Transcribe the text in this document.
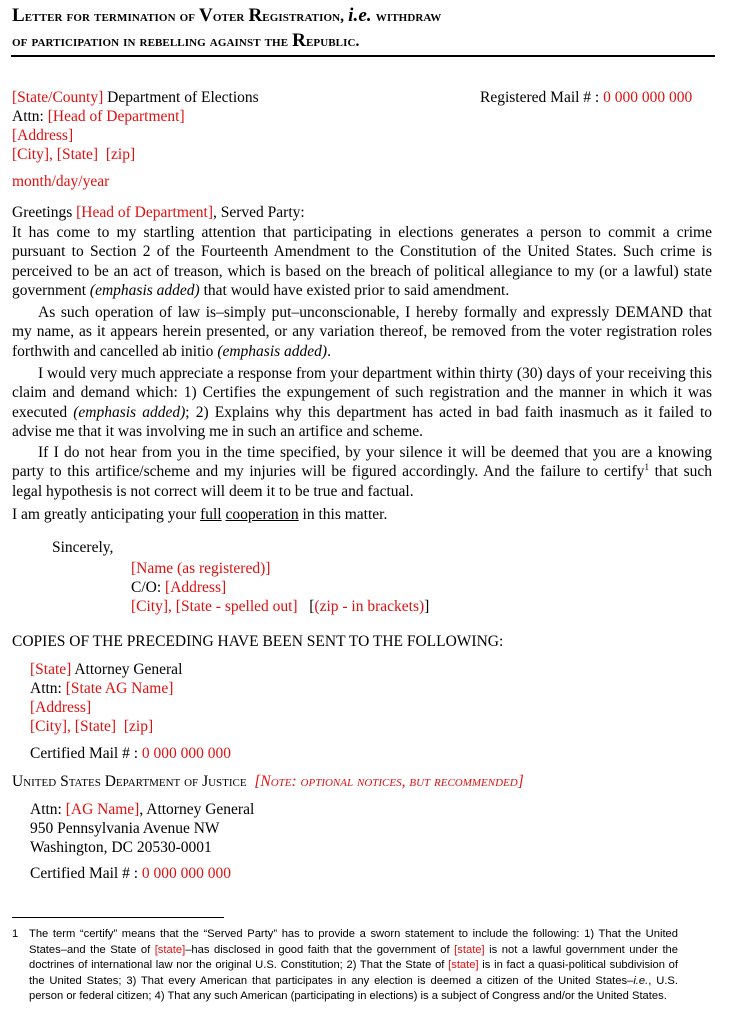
Letter for termination of Voter Registration, i.e. withdraw
of participation in rebelling against the Republic.
[State/County] Department of Elections
Attn: [Head of Department]
[Address]
[City], [State] [zip]
Registered Mail # : 0 000 000 000
month/day/year
Greetings [Head of Department], Served Party:
It has come to my startling attention that participating in elections generates a person to commit a crime pursuant to Section 2 of the Fourteenth Amendment to the Constitution of the United States. Such crime is perceived to be an act of treason, which is based on the breach of political allegiance to my (or a lawful) state government (emphasis added) that would have existed prior to said amendment.
As such operation of law is–simply put–unconscionable, I hereby formally and expressly DEMAND that my name, as it appears herein presented, or any variation thereof, be removed from the voter registration roles forthwith and cancelled ab initio (emphasis added).
I would very much appreciate a response from your department within thirty (30) days of your receiving this claim and demand which: 1) Certifies the expungement of such registration and the manner in which it was executed (emphasis added); 2) Explains why this department has acted in bad faith inasmuch as it failed to advise me that it was involving me in such an artifice and scheme.
If I do not hear from you in the time specified, by your silence it will be deemed that you are a knowing party to this artifice/scheme and my injuries will be figured accordingly. And the failure to certify$^1$ that such legal hypothesis is not correct will deem it to be true and factual.
I am greatly anticipating your full cooperation in this matter.
Sincerely,
[Name (as registered)]
C/O: [Address]
[City], [State - spelled out] [(zip - in brackets)]
COPIES OF THE PRECEDING HAVE BEEN SENT TO THE FOLLOWING:
[State] Attorney General
Attn: [State AG Name]
[Address]
[City], [State] [zip]
Certified Mail # : 0 000 000 000
United States Department of Justice [Note: optional notices, but recommended]
Attn: [AG Name], Attorney General
950 Pennsylvania Avenue NW
Washington, DC 20530-0001
Certified Mail # : 0 000 000 000
1 The term “certify” means that the “Served Party” has to provide a sworn statement to include the following: 1) That the United States–and the State of [state]–has disclosed in good faith that the government of [state] is not a lawful government under the doctrines of international law nor the original U.S. Constitution; 2) That the State of [state] is in fact a quasi-political subdivision of the United States; 3) That every American that participates in any election is deemed a citizen of the United States–i.e., U.S. person or federal citizen; 4) That any such American (participating in elections) is a subject of Congress and/or the United States.
